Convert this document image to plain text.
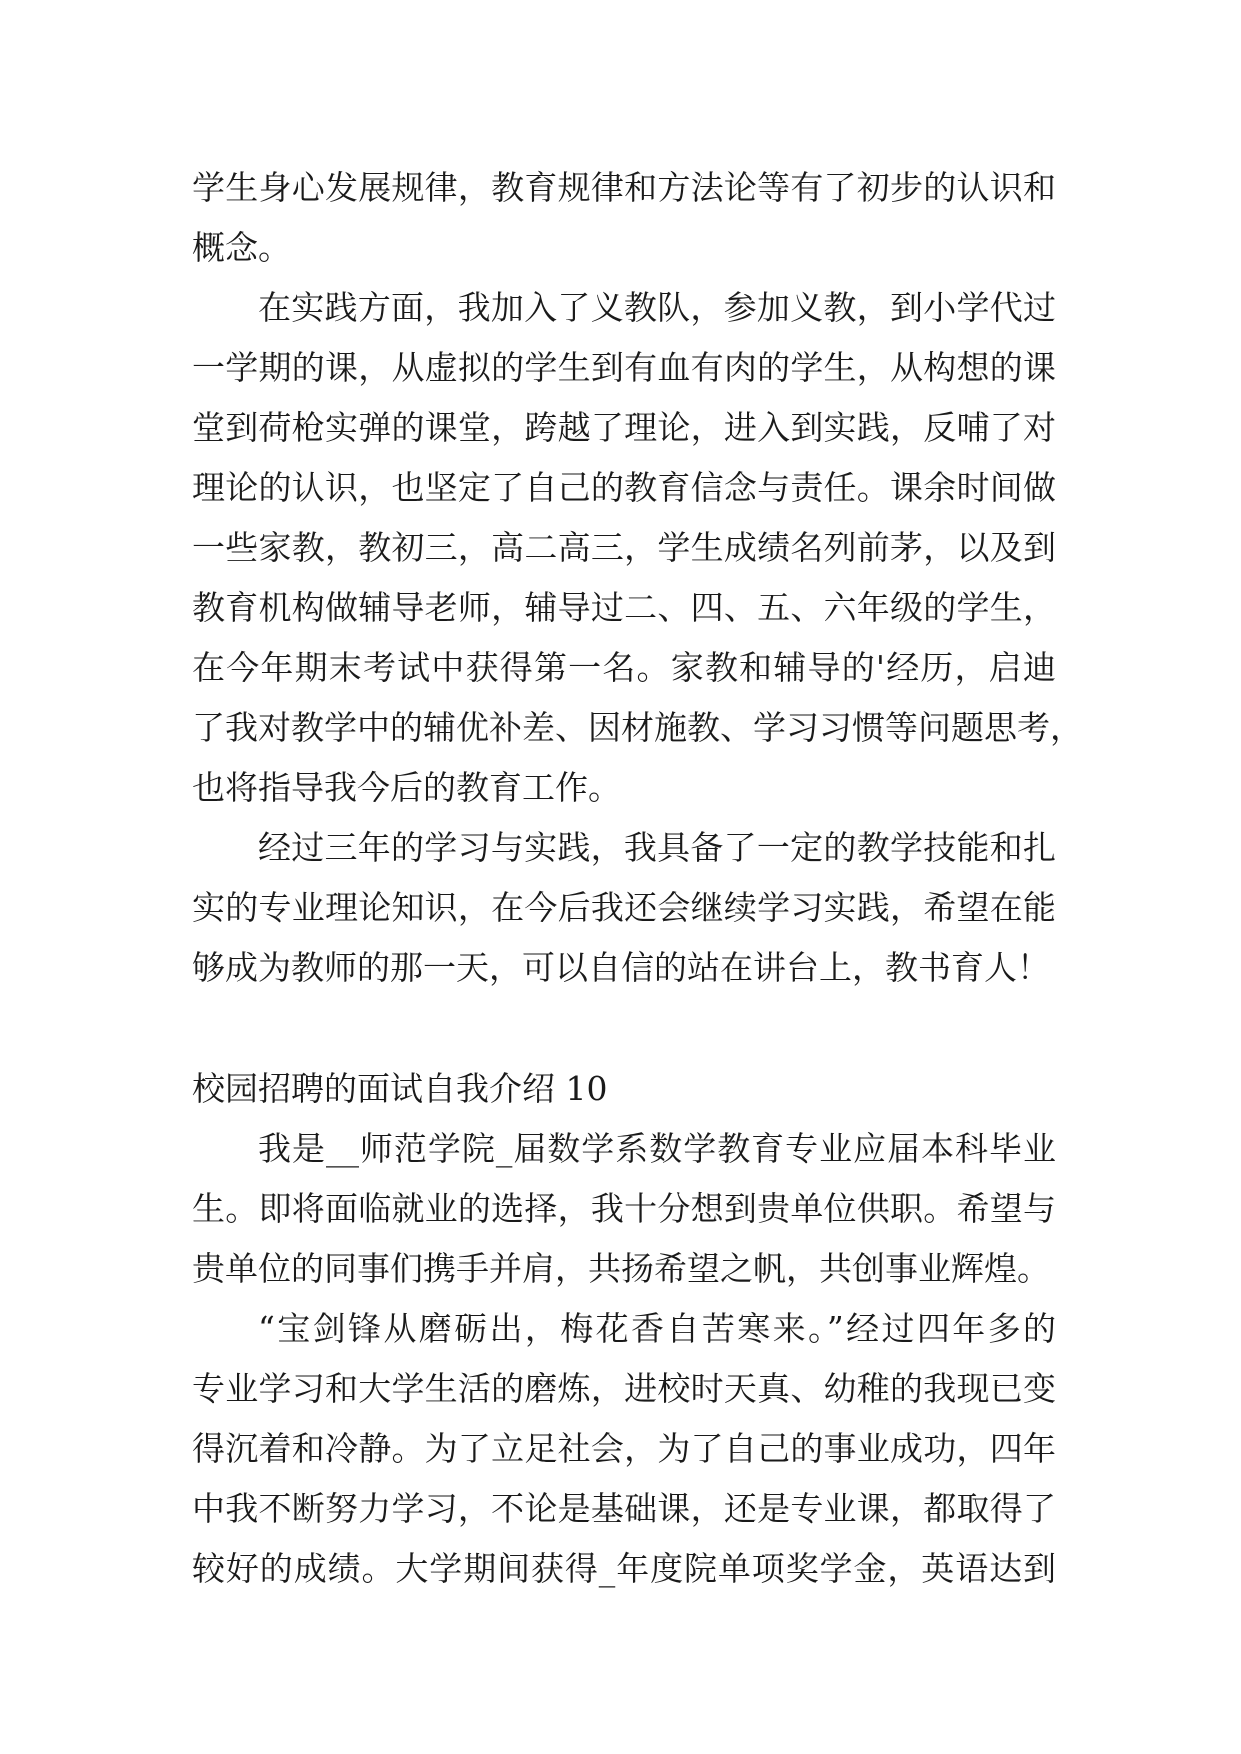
学生身心发展规律，教育规律和方法论等有了初步的认识和
概念。
在实践方面，我加入了义教队，参加义教，到小学代过
一学期的课，从虚拟的学生到有血有肉的学生，从构想的课
堂到荷枪实弹的课堂，跨越了理论，进入到实践，反哺了对
理论的认识，也坚定了自己的教育信念与责任。课余时间做
一些家教，教初三，高二高三，学生成绩名列前茅，以及到
教育机构做辅导老师，辅导过二、四、五、六年级的学生，
在今年期末考试中获得第一名。家教和辅导的'经历，启迪
了我对教学中的辅优补差、因材施教、学习习惯等问题思考，
也将指导我今后的教育工作。
经过三年的学习与实践，我具备了一定的教学技能和扎
实的专业理论知识，在今后我还会继续学习实践，希望在能
够成为教师的那一天，可以自信的站在讲台上，教书育人！
校园招聘的面试自我介绍 10
我是__师范学院_届数学系数学教育专业应届本科毕业
生。即将面临就业的选择，我十分想到贵单位供职。希望与
贵单位的同事们携手并肩，共扬希望之帆，共创事业辉煌。
“宝剑锋从磨砺出，梅花香自苦寒来。”经过四年多的
专业学习和大学生活的磨炼，进校时天真、幼稚的我现已变
得沉着和冷静。为了立足社会，为了自己的事业成功，四年
中我不断努力学习，不论是基础课，还是专业课，都取得了
较好的成绩。大学期间获得_年度院单项奖学金，英语达到
